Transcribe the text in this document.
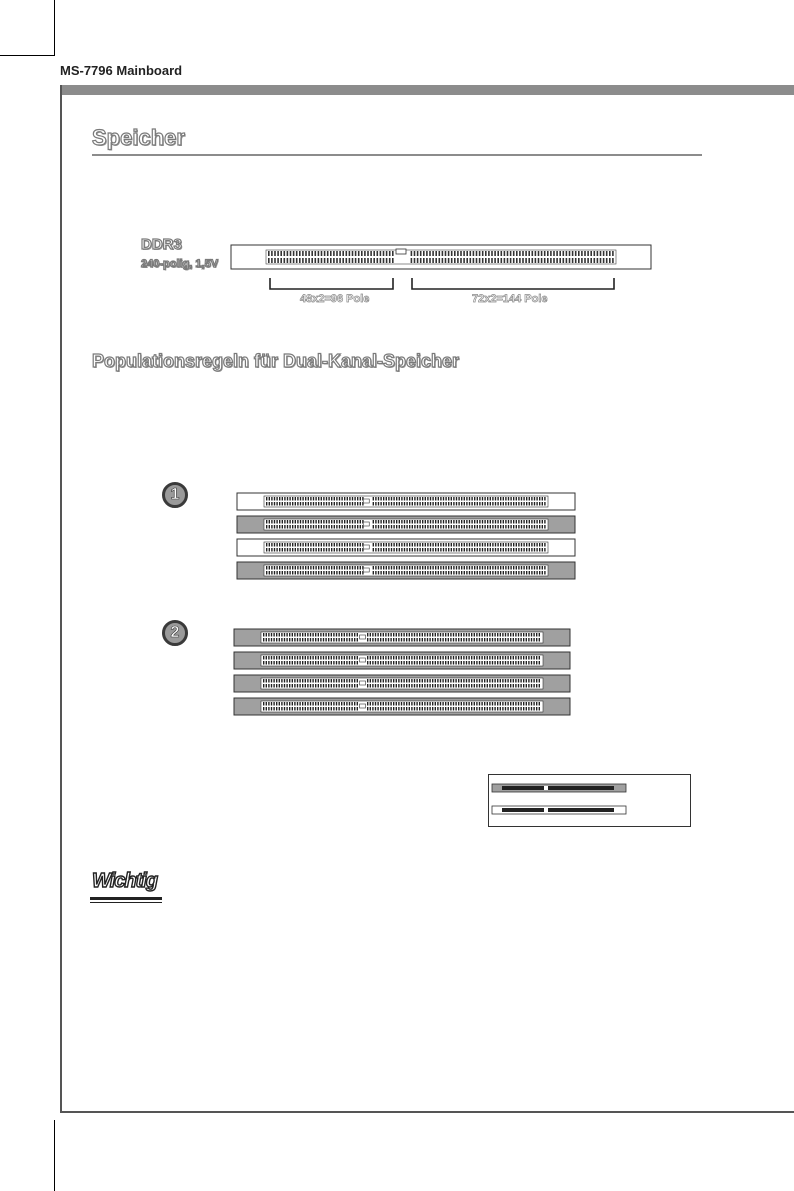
MS-7796 Mainboard
Speicher
DDR3
240-polig, 1,5V
48x2=96 Pole	72x2=144 Pole
Populationsregeln für Dual-Kanal-Speicher
1
2
Wichtig
